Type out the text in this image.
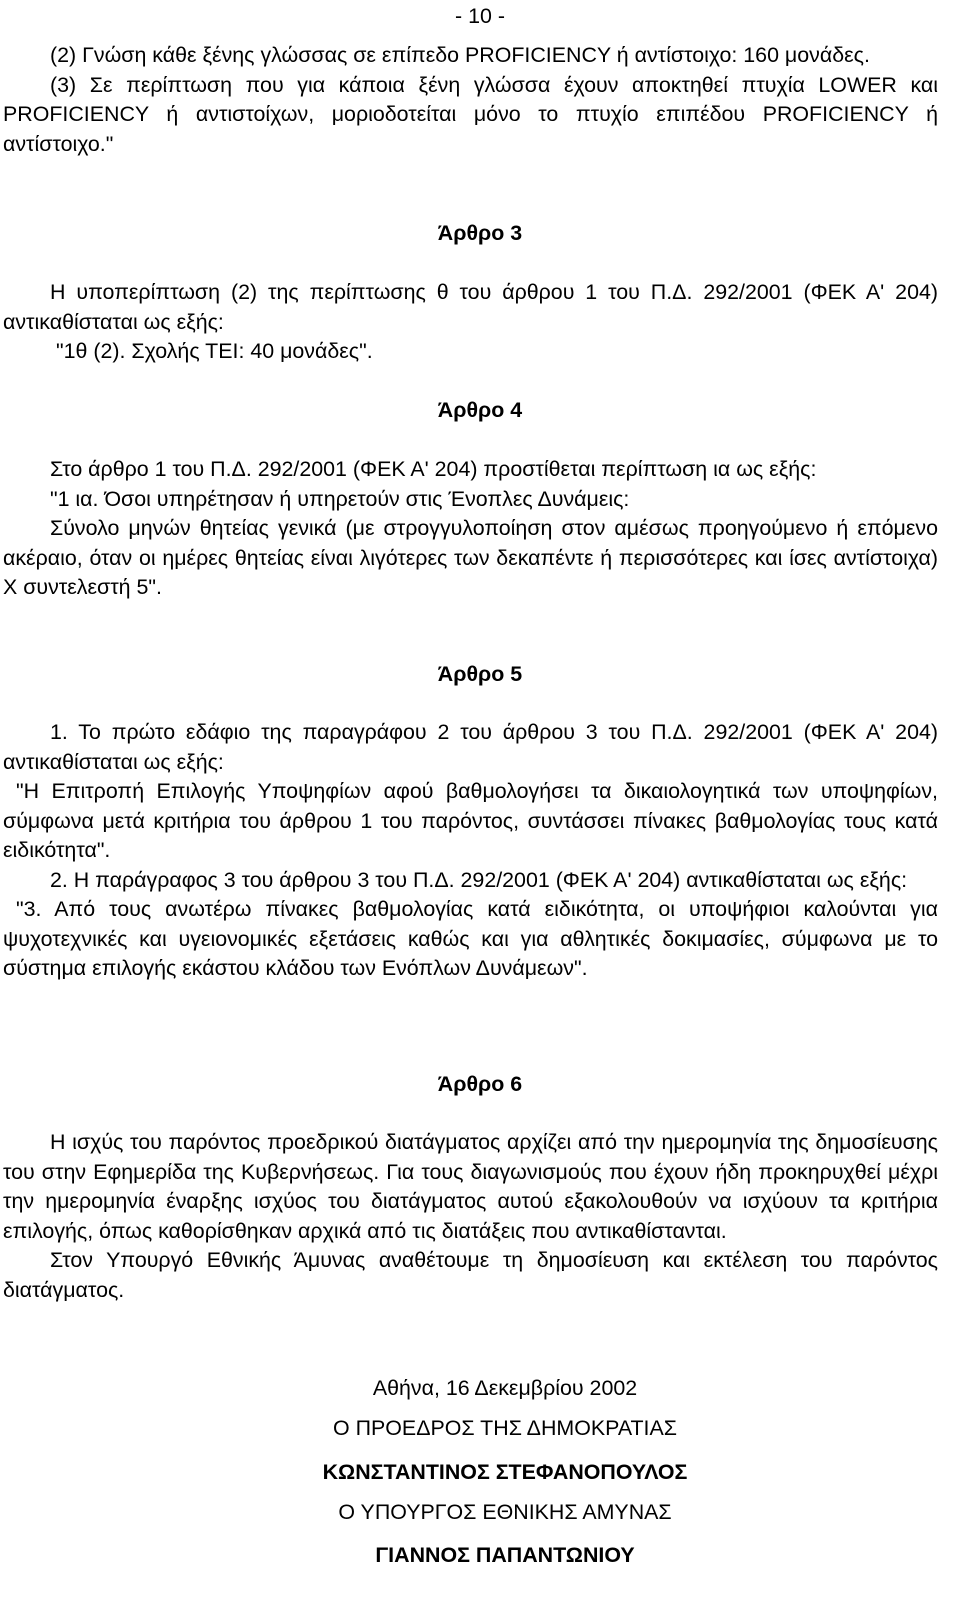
- 10 -

(2) Γνώση κάθε ξένης γλώσσας σε επίπεδο PROFICIENCY ή αντίστοιχο: 160 μονάδες.

(3) Σε περίπτωση που για κάποια ξένη γλώσσα έχουν αποκτηθεί πτυχία LOWER και PROFICIENCY ή αντιστοίχων, μοριοδοτείται μόνο το πτυχίο επιπέδου PROFICIENCY ή αντίστοιχο."

Άρθρο 3

Η υποπερίπτωση (2) της περίπτωσης θ του άρθρου 1 του Π.Δ. 292/2001 (ΦΕΚ Α' 204) αντικαθίσταται ως εξής:

"1θ (2). Σχολής ΤΕΙ: 40 μονάδες".

Άρθρο 4

Στο άρθρο 1 του Π.Δ. 292/2001 (ΦΕΚ Α' 204) προστίθεται περίπτωση ια ως εξής:

"1 ια. Όσοι υπηρέτησαν ή υπηρετούν στις Ένοπλες Δυνάμεις:

Σύνολο μηνών θητείας γενικά (με στρογγυλοποίηση στον αμέσως προηγούμενο ή επόμενο ακέραιο, όταν οι ημέρες θητείας είναι λιγότερες των δεκαπέντε ή περισσότερες και ίσες αντίστοιχα) Χ συντελεστή 5".

Άρθρο 5

1. Το πρώτο εδάφιο της παραγράφου 2 του άρθρου 3 του Π.Δ. 292/2001 (ΦΕΚ Α' 204) αντικαθίσταται ως εξής:

"Η Επιτροπή Επιλογής Υποψηφίων αφού βαθμολογήσει τα δικαιολογητικά των υποψηφίων, σύμφωνα μετά κριτήρια του άρθρου 1 του παρόντος, συντάσσει πίνακες βαθμολογίας τους κατά ειδικότητα".

2. Η παράγραφος 3 του άρθρου 3 του Π.Δ. 292/2001 (ΦΕΚ Α' 204) αντικαθίσταται ως εξής:

"3. Από τους ανωτέρω πίνακες βαθμολογίας κατά ειδικότητα, οι υποψήφιοι καλούνται για ψυχοτεχνικές και υγειονομικές εξετάσεις καθώς και για αθλητικές δοκιμασίες, σύμφωνα με το σύστημα επιλογής εκάστου κλάδου των Ενόπλων Δυνάμεων".

Άρθρο 6

Η ισχύς του παρόντος προεδρικού διατάγματος αρχίζει από την ημερομηνία της δημοσίευσης του στην Εφημερίδα της Κυβερνήσεως. Για τους διαγωνισμούς που έχουν ήδη προκηρυχθεί μέχρι την ημερομηνία έναρξης ισχύος του διατάγματος αυτού εξακολουθούν να ισχύουν τα κριτήρια επιλογής, όπως καθορίσθηκαν αρχικά από τις διατάξεις που αντικαθίστανται.

Στον Υπουργό Εθνικής Άμυνας αναθέτουμε τη δημοσίευση και εκτέλεση του παρόντος διατάγματος.

Αθήνα, 16 Δεκεμβρίου 2002

Ο ΠΡΟΕΔΡΟΣ ΤΗΣ ΔΗΜΟΚΡΑΤΙΑΣ

ΚΩΝΣΤΑΝΤΙΝΟΣ ΣΤΕΦΑΝΟΠΟΥΛΟΣ

Ο ΥΠΟΥΡΓΟΣ ΕΘΝΙΚΗΣ ΑΜΥΝΑΣ

ΓΙΑΝΝΟΣ ΠΑΠΑΝΤΩΝΙΟΥ
